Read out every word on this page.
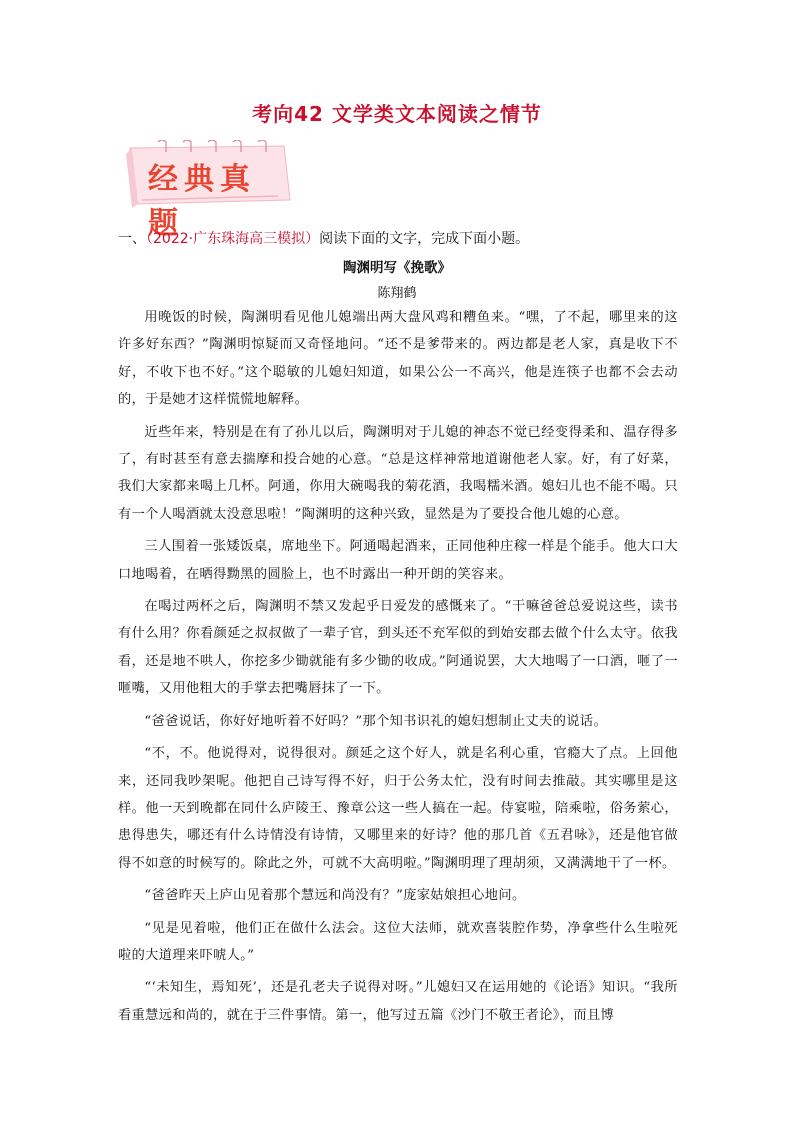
考向42 文学类文本阅读之情节
经典真题
一、（2022·广东珠海高三模拟）阅读下面的文字，完成下面小题。
陶渊明写《挽歌》
陈翔鹤

用晚饭的时候，陶渊明看见他儿媳端出两大盘风鸡和糟鱼来。“嘿，了不起，哪里来的这许多好东西？”陶渊明惊疑而又奇怪地问。“还不是爹带来的。两边都是老人家，真是收下不好，不收下也不好。”这个聪敏的儿媳妇知道，如果公公一不高兴，他是连筷子也都不会去动的，于是她才这样慌慌地解释。

近些年来，特别是在有了孙儿以后，陶渊明对于儿媳的神态不觉已经变得柔和、温存得多了，有时甚至有意去揣摩和投合她的心意。“总是这样神常地道谢他老人家。好，有了好菜，我们大家都来喝上几杯。阿通，你用大碗喝我的菊花酒，我喝糯米酒。媳妇儿也不能不喝。只有一个人喝酒就太没意思啦！”陶渊明的这种兴致，显然是为了要投合他儿媳的心意。

三人围着一张矮饭桌，席地坐下。阿通喝起酒来，正同他种庄稼一样是个能手。他大口大口地喝着，在晒得黝黑的圆脸上，也不时露出一种开朗的笑容来。

在喝过两杯之后，陶渊明不禁又发起乎日爱发的感慨来了。“干嘛爸爸总爱说这些，读书有什么用？你看颜延之叔叔做了一辈子官，到头还不充军似的到始安郡去做个什么太守。依我看，还是地不哄人，你挖多少锄就能有多少锄的收成。”阿通说罢，大大地喝了一口酒，咂了一咂嘴，又用他粗大的手掌去把嘴唇抹了一下。

“爸爸说话，你好好地听着不好吗？”那个知书识礼的媳妇想制止丈夫的说话。

“不，不。他说得对，说得很对。颜延之这个好人，就是名利心重，官瘾大了点。上回他来，还同我吵架呢。他把自己诗写得不好，归于公务太忙，没有时间去推敲。其实哪里是这样。他一天到晚都在同什么庐陵王、豫章公这一些人搞在一起。侍宴啦，陪乘啦，俗务萦心，患得患失，哪还有什么诗情没有诗情，又哪里来的好诗？他的那几首《五君咏》，还是他官做得不如意的时候写的。除此之外，可就不大高明啦。”陶渊明理了理胡须，又满满地干了一杯。

“爸爸昨天上庐山见着那个慧远和尚没有？”庞家姑娘担心地问。

“见是见着啦，他们正在做什么法会。这位大法师，就欢喜装腔作势，净拿些什么生啦死啦的大道理来吓唬人。”

“‘未知生，焉知死’，还是孔老夫子说得对呀。”儿媳妇又在运用她的《论语》知识。“我所看重慧远和尚的，就在于三件事情。第一，他写过五篇《沙门不敬王者论》，而且博
